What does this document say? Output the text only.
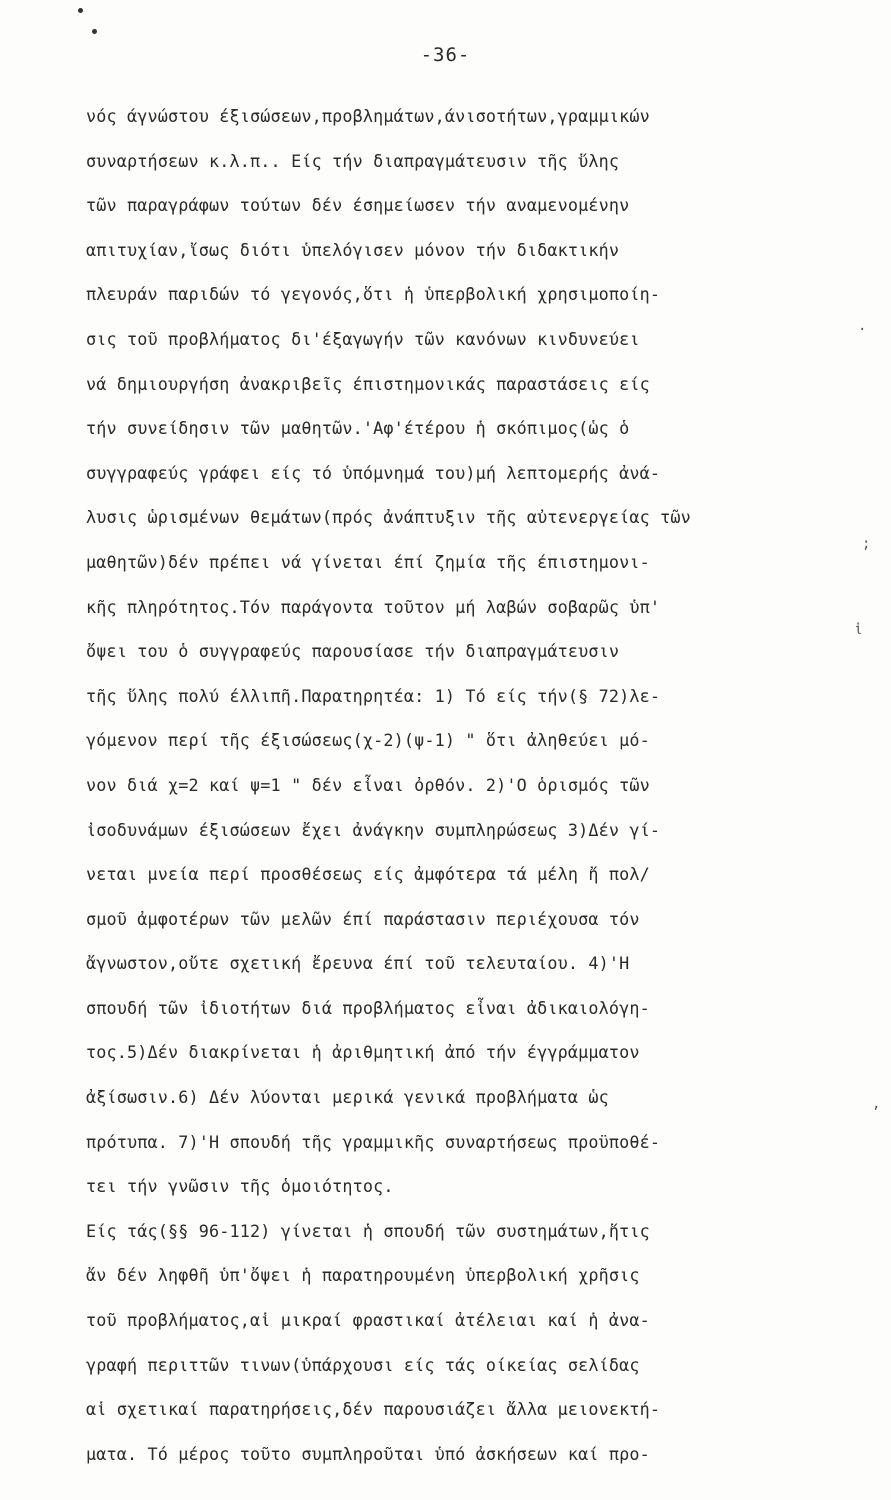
-36-
νός άγνώστου έξισώσεων,προβλημάτων,άνισοτήτων,γραμμικών
συναρτήσεων κ.λ.π.. Είς τήν διαπραγμάτευσιν τῆς ὕλης
τῶν παραγράφων τούτων δέν έσημείωσεν τήν αναμενομένην
απιτυχίαν,ἴσως διότι ὑπελόγισεν μόνον τήν διδακτικήν
πλευράν παριδών τό γεγονός,ὅτι ἡ ὑπερβολική χρησιμοποίη-
σις τοῦ προβλήματος δι'έξαγωγήν τῶν κανόνων κινδυνεύει
νά δημιουργήση ἀνακριβεῖς έπιστημονικάς παραστάσεις είς
τήν συνείδησιν τῶν μαθητῶν.'Αφ'έτέρου ἡ σκόπιμος(ὡς ὁ
συγγραφεύς γράφει είς τό ὑπόμνημά του)μή λεπτομερής ἀνά-
λυσις ὡρισμένων θεμάτων(πρός ἀνάπτυξιν τῆς αὐτενεργείας τῶν
μαθητῶν)δέν πρέπει νά γίνεται έπί ζημία τῆς έπιστημονι-
κῆς πληρότητος.Τόν παράγοντα τοῦτον μή λαβών σοβαρῶς ὑπ'
ὄψει του ὁ συγγραφεύς παρουσίασε τήν διαπραγμάτευσιν
τῆς ὕλης πολύ έλλιπῆ.Παρατηρητέα: 1) Τό είς τήν(§ 72)λε-
γόμενον περί τῆς έξισώσεως(χ-2)(ψ-1) " ὅτι ἀληθεύει μό-
νον διά χ=2 καί ψ=1 " δέν εἶναι ὀρθόν. 2)'Ο ὁρισμός τῶν
ἰσοδυνάμων έξισώσεων ἔχει ἀνάγκην συμπληρώσεως 3)Δέν γί-
νεται μνεία περί προσθέσεως είς ἀμφότερα τά μέλη ἤ πολ/
σμοῦ ἀμφοτέρων τῶν μελῶν έπί παράστασιν περιέχουσα τόν
ἄγνωστον,οὔτε σχετική ἔρευνα έπί τοῦ τελευταίου. 4)'Η
σπουδή τῶν ἰδιοτήτων διά προβλήματος εἶναι ἀδικαιολόγη-
τος.5)Δέν διακρίνεται ἡ ἀριθμητική ἀπό τήν έγγράμματον
ἀξίσωσιν.6) Δέν λύονται μερικά γενικά προβλήματα ὡς
πρότυπα. 7)'Η σπουδή τῆς γραμμικῆς συναρτήσεως προϋποθέ-
τει τήν γνῶσιν τῆς ὁμοιότητος.
Είς τάς(§§ 96-112) γίνεται ἡ σπουδή τῶν συστημάτων,ἥτις
ἄν δέν ληφθῆ ὑπ'ὄψει ἡ παρατηρουμένη ὑπερβολική χρῆσις
τοῦ προβλήματος,αἱ μικραί φραστικαί ἀτέλειαι καί ἡ ἀνα-
γραφή περιττῶν τινων(ὑπάρχουσι είς τάς οίκείας σελίδας
αἱ σχετικαί παρατηρήσεις,δέν παρουσιάζει ἄλλα μειονεκτή-
ματα. Τό μέρος τοῦτο συμπληροῦται ὑπό ἀσκήσεων καί προ-
·
;
ἱ
,
